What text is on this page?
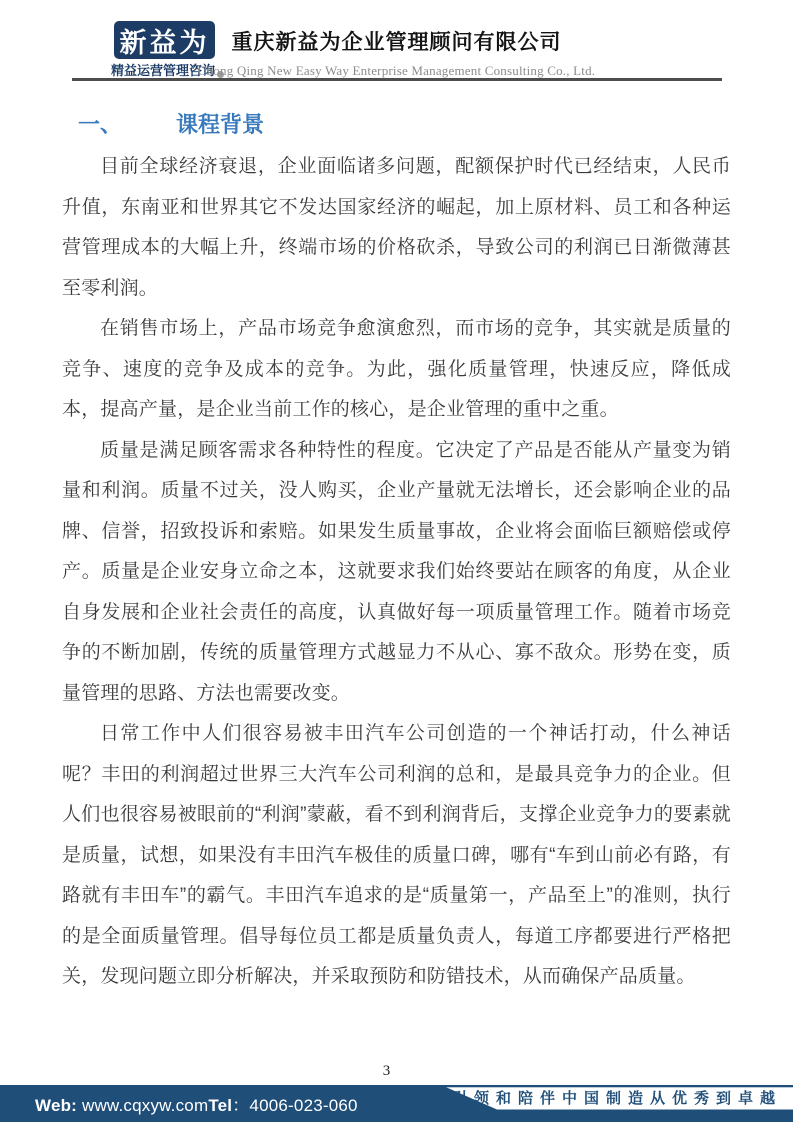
新益为
精益运营管理咨询
重庆新益为企业管理顾问有限公司
Chong Qing New Easy Way Enterprise Management Consulting Co., Ltd.
一、 课程背景

目前全球经济衰退，企业面临诸多问题，配额保护时代已经结束，人民币升值，东南亚和世界其它不发达国家经济的崛起，加上原材料、员工和各种运营管理成本的大幅上升，终端市场的价格砍杀，导致公司的利润已日渐微薄甚至零利润。

在销售市场上，产品市场竞争愈演愈烈，而市场的竞争，其实就是质量的竞争、速度的竞争及成本的竞争。为此，强化质量管理，快速反应，降低成本，提高产量，是企业当前工作的核心，是企业管理的重中之重。

质量是满足顾客需求各种特性的程度。它决定了产品是否能从产量变为销量和利润。质量不过关，没人购买，企业产量就无法增长，还会影响企业的品牌、信誉，招致投诉和索赔。如果发生质量事故，企业将会面临巨额赔偿或停产。质量是企业安身立命之本，这就要求我们始终要站在顾客的角度，从企业自身发展和企业社会责任的高度，认真做好每一项质量管理工作。随着市场竞争的不断加剧，传统的质量管理方式越显力不从心、寡不敌众。形势在变，质量管理的思路、方法也需要改变。

日常工作中人们很容易被丰田汽车公司创造的一个神话打动，什么神话呢？丰田的利润超过世界三大汽车公司利润的总和，是最具竞争力的企业。但人们也很容易被眼前的“利润”蒙蔽，看不到利润背后，支撑企业竞争力的要素就是质量，试想，如果没有丰田汽车极佳的质量口碑，哪有“车到山前必有路，有路就有丰田车”的霸气。丰田汽车追求的是“质量第一，产品至上”的准则，执行的是全面质量管理。倡导每位员工都是质量负责人，每道工序都要进行严格把关，发现问题立即分析解决，并采取预防和防错技术，从而确保产品质量。

3
Web: www.cqxyw.comTel：4006-023-060	引领和陪伴中国制造从优秀到卓越
